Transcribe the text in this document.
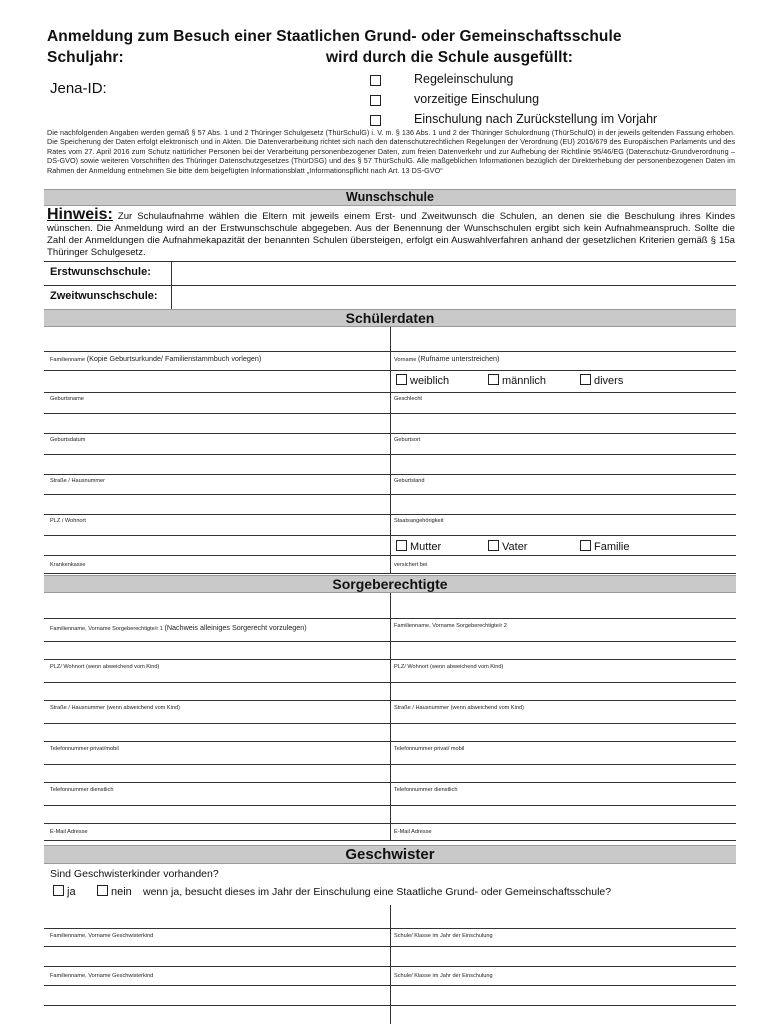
Anmeldung zum Besuch einer Staatlichen Grund- oder Gemeinschaftsschule
Schuljahr:	wird durch die Schule ausgefüllt:
Jena-ID:
Regeleinschulung
vorzeitige Einschulung
Einschulung nach Zurückstellung im Vorjahr
Die nachfolgenden Angaben werden gemäß § 57 Abs. 1 und 2 Thüringer Schulgesetz (ThürSchulG) i. V. m. § 136 Abs. 1 und 2 der Thüringer Schulordnung (ThürSchulO) in der jeweils geltenden Fassung erhoben. Die Speicherung der Daten erfolgt elektronisch und in Akten. Die Datenverarbeitung richtet sich nach den datenschutzrechtlichen Regelungen der Verordnung (EU) 2016/679 des Europäischen Parlaments und des Rates vom 27. April 2016 zum Schutz natürlicher Personen bei der Verarbeitung personenbezogener Daten, zum freien Datenverkehr und zur Aufhebung der Richtlinie 95/46/EG (Datenschutz-Grundverordnung – DS-GVO) sowie weiteren Vorschriften des Thüringer Datenschutzgesetzes (ThürDSG) und des § 57 ThürSchulG. Alle maßgeblichen Informationen bezüglich der Direkterhebung der personenbezogenen Daten im Rahmen der Anmeldung entnehmen Sie bitte dem beigefügten Informationsblatt „Informationspflicht nach Art. 13 DS-GVO“
Wunschschule
Hinweis: Zur Schulaufnahme wählen die Eltern mit jeweils einem Erst- und Zweitwunsch die Schulen, an denen sie die Beschulung ihres Kindes wünschen. Die Anmeldung wird an der Erstwunschschule abgegeben. Aus der Benennung der Wunschschulen ergibt sich kein Aufnahmeanspruch. Sollte die Zahl der Anmeldungen die Aufnahmekapazität der benannten Schulen übersteigen, erfolgt ein Auswahlverfahren anhand der gesetzlichen Kriterien gemäß § 15a Thüringer Schulgesetz.
Erstwunschschule:
Zweitwunschschule:
Schülerdaten
Familienname (Kopie Geburtsurkunde/ Familienstammbuch vorlegen)	Vorname (Rufname unterstreichen)
weiblich	männlich	divers
Geburtsname	Geschlecht
Geburtsdatum	Geburtsort
Straße / Hausnummer	Geburtsland
PLZ / Wohnort	Staatsangehörigkeit
Mutter	Vater	Familie
Krankenkasse	versichert bei
Sorgeberechtigte
Familienname, Vorname Sorgeberechtigte/r 1 (Nachweis alleiniges Sorgerecht vorzulegen)	Familienname, Vorname Sorgeberechtigte/r 2
PLZ/ Wohnort (wenn abweichend vom Kind)	PLZ/ Wohnort (wenn abweichend vom Kind)
Straße / Hausnummer (wenn abweichend vom Kind)	Straße / Hausnummer (wenn abweichend vom Kind)
Telefonnummer privat/mobil	Telefonnummer privat/ mobil
Telefonnummer dienstlich	Telefonnummer dienstlich
E-Mail Adresse	E-Mail Adresse
Geschwister
Sind Geschwisterkinder vorhanden?
ja	nein wenn ja, besucht dieses im Jahr der Einschulung eine Staatliche Grund- oder Gemeinschaftsschule?
Familienname, Vorname Geschwisterkind	Schule/ Klasse im Jahr der Einschulung
Familienname, Vorname Geschwisterkind	Schule/ Klasse im Jahr der Einschulung
